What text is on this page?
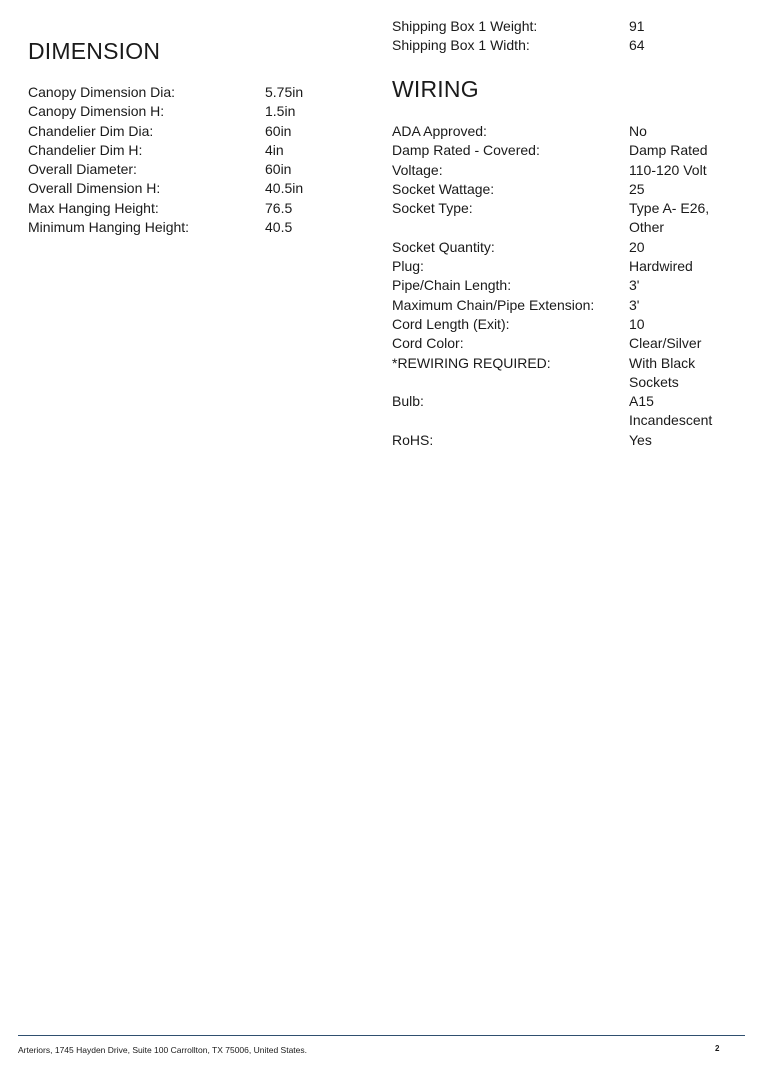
DIMENSION
Canopy Dimension Dia:	5.75in
Canopy Dimension H:	1.5in
Chandelier Dim Dia:	60in
Chandelier Dim H:	4in
Overall Diameter:	60in
Overall Dimension H:	40.5in
Max Hanging Height:	76.5
Minimum Hanging Height:	40.5
Shipping Box 1 Weight:	91
Shipping Box 1 Width:	64
WIRING
ADA Approved:	No
Damp Rated - Covered:	Damp Rated
Voltage:	110-120 Volt
Socket Wattage:	25
Socket Type:	Type A- E26,
Other
Socket Quantity:	20
Plug:	Hardwired
Pipe/Chain Length:	3'
Maximum Chain/Pipe Extension:	3'
Cord Length (Exit):	10
Cord Color:	Clear/Silver
*REWIRING REQUIRED:	With Black
Sockets
Bulb:	A15
Incandescent
RoHS:	Yes
Arteriors, 1745 Hayden Drive, Suite 100 Carrollton, TX 75006, United States.	2
